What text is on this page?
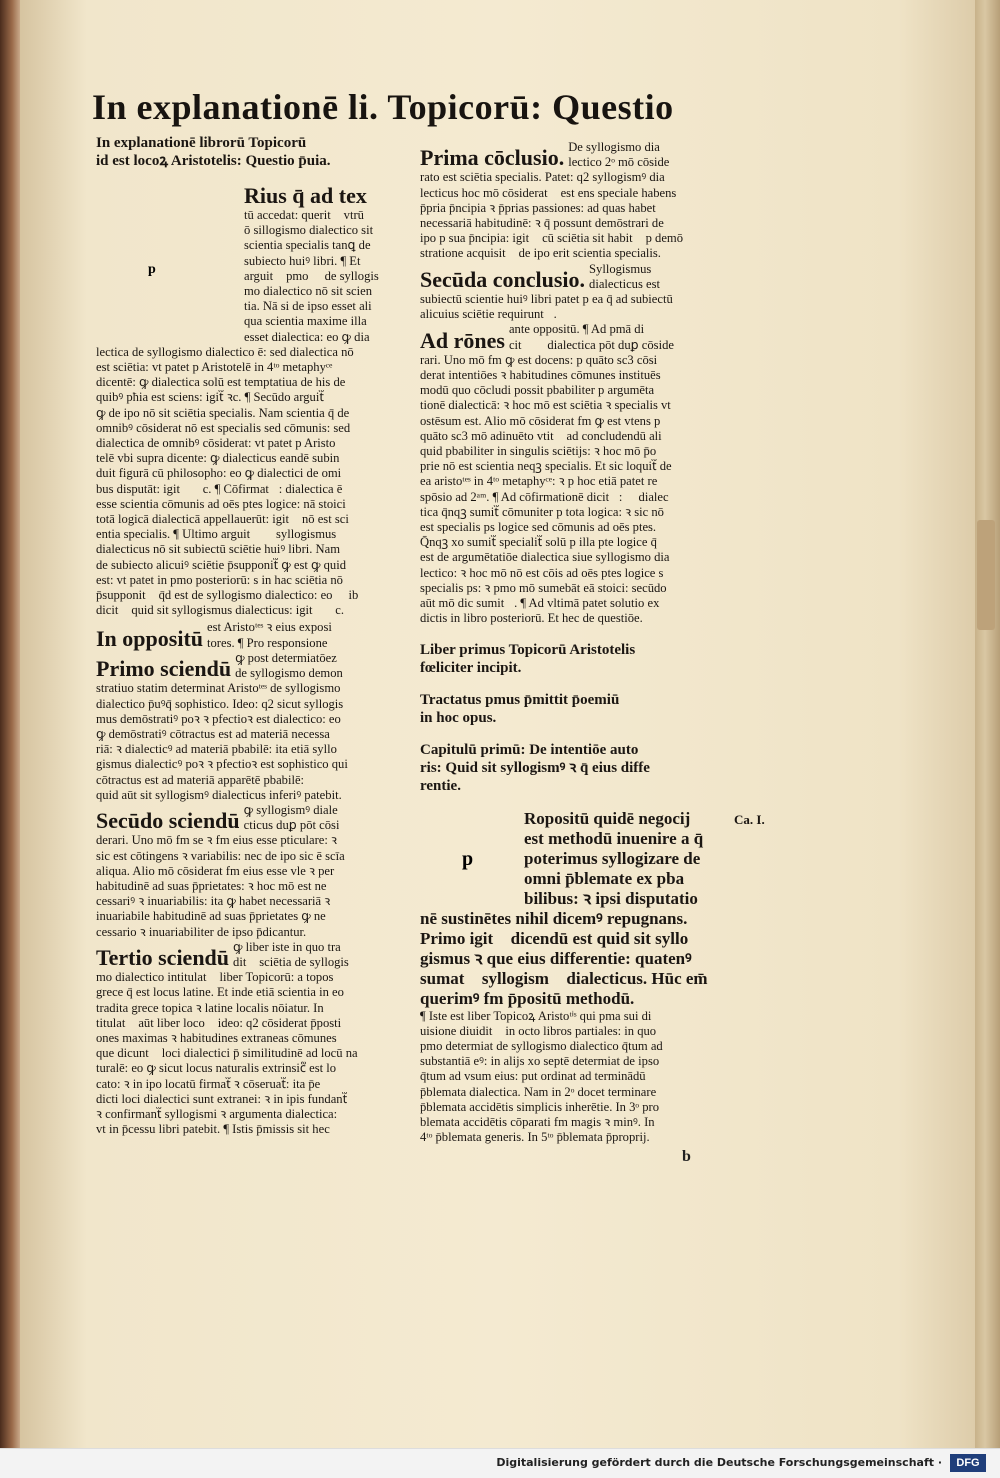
In explanationē li. Topicorū: Questio
In explanationē librorū Topicorū
id est locoꝝ Aristotelis: Questio p̄uia.
Rius q̄ ad tex
tū accedat: querit᷑ vtrū
ō sillogismo dialectico sit
scientia specialis tanꝗ de
subiecto huiꝰ libri. ¶ Et
arguit᷑ pmo ꝙ de syllogis
mo dialectico nō sit scien
tia. Nā si de ipso esset ali
qua scientia maxime illa
esset dialectica: eo ꝙ dia
lectica de syllogismo dialectico ē: sed dialectica nō
est sciētia: vt patet p Aristotelē in 4ᵗᵒ metaphyᶜᵉ
dicentē: ꝙ dialectica solū est temptatiua de his de
quibꝰ pħia est sciens: igit᷑ ꝛc. ¶ Secūdo arguit᷑
ꝙ de ipo nō sit sciētia specialis. Nam scientia q̄ de
omnibꝰ cōsiderat nō est specialis sed cōmunis: sed
dialectica de omnibꝰ cōsiderat: vt patet p Aristo
telē vbi supra dicente: ꝙ dialecticus eandē subin
duit figurā cū philosopho: eo ꝙ dialectici de omi
bus disputāt: igit᷑ ꝛc. ¶ Cōfirmat᷑: dialectica ē
esse scientia cōmunis ad oēs ptes logice: nā stoici
totā logicā dialecticā appellauerūt: igit᷑ nō est sci
entia specialis. ¶ Ultimo arguit᷑ ꝙ syllogismus
dialecticus nō sit subiectū sciētie huiꝰ libri. Nam
de subiecto alicuiꝰ sciētie p̄supponit᷑ ꝙ est ꝙ quid
est: vt patet in pmo posteriorū: s in hac sciētia nō
p̄supponit᷑ q̄d est de syllogismo dialectico: eo ꝙ ib
dicit᷑ quid sit syllogismus dialecticus: igit᷑ ꝛc.
In oppositū est Aristoᵗᵉˢ ꝛ eius exposi
tores. ¶ Pro responsione
Primo sciendū ꝙ post determiatōez
de syllogismo demon
stratiuo statim determinat Aristoᵗᵉˢ de syllogismo
dialectico p̄uꝰq̄ sophistico. Ideo: q2 sicut syllogis
mus demōstratiꝰ poꝛ ꝛ pfectioꝛ est dialectico: eo
ꝙ demōstratiꝰ cōtractus est ad materiā necessa
riā: ꝛ dialecticꝰ ad materiā pbabilē: ita etiā syllo
gismus dialecticꝰ poꝛ ꝛ pfectioꝛ est sophistico qui
cōtractus est ad materiā apparētē pbabilē:
quid aūt sit syllogismꝰ dialecticus inferiꝰ patebit.
Secūdo sciendū ꝙ syllogismꝰ diale
cticus duꝑ pōt cōsi
derari. Uno mō fm se ꝛ fm eius esse pticulare: ꝛ
sic est cōtingens ꝛ variabilis: nec de ipo sic ē scīa
aliqua. Alio mō cōsiderat fm eius esse vle ꝛ per
habitudinē ad suas p̄prietates: ꝛ hoc mō est ne
cessariꝰ ꝛ inuariabilis: ita ꝙ habet necessariā ꝛ
inuariabile habitudinē ad suas p̄prietates ꝙ ne
cessario ꝛ inuariabiliter de ipso p̄dicantur.
Tertio sciendū ꝙ liber iste in quo tra
dit᷑ sciētia de syllogis
mo dialectico intitulat᷑ liber Topicorū: a topos
grece q̄ est locus latine. Et inde etiā scientia in eo
tradita grece topica ꝛ latine localis nōiatur. In
titulat᷑ aūt liber locoꝝ ideo: q2 cōsiderat p̄posti
ones maximas ꝛ habitudines extraneas cōmunes
que dicunt᷑ loci dialectici p̄ similitudinē ad locū na
turalē: eo ꝙ sicut locus naturalis extrinsic᷑ est lo
cato: ꝛ in ipo locatū firmat᷑ ꝛ cōseruat᷑: ita p̄e
dicti loci dialectici sunt extranei: ꝛ in ipis fundant᷑
ꝛ confirmant᷑ syllogismi ꝛ argumenta dialectica:
vt in p̄cessu libri patebit. ¶ Istis p̄missis sit hec
p
Prima cōclusio. De syllogismo dia
lectico 2ᵒ mō cōside
rato est sciētia specialis. Patet: q2 syllogismꝰ dia
lecticus hoc mō cōsiderat᷑ est ens speciale habens
p̄pria p̄ncipia ꝛ p̄prias passiones: ad quas habet
necessariā habitudinē: ꝛ q̄ possunt demōstrari de
ipo p sua p̄ncipia: igit᷑ cū sciētia sit habitꝰ p demō
stratione acquisit᷑ de ipo erit scientia specialis.
Secūda conclusio. Syllogismus
dialecticus est
subiectū scientie huiꝰ libri patet p ea q̄ ad subiectū
alicuius sciētie requirunt᷑.
Ad rōnes ante oppositū. ¶ Ad pmā di
cit᷑ ꝙ dialectica pōt duꝑ cōside
rari. Uno mō fm ꝙ est docens: p quāto sc3 cōsi
derat intentiōes ꝛ habitudines cōmunes instituēs
modū quo cōcludi possit pbabiliter p argumēta
tionē dialecticā: ꝛ hoc mō est sciētia ꝛ specialis vt
ostēsum est. Alio mō cōsiderat fm ꝙ est vtens p
quāto sc3 mō adinuēto vtit᷑ ad concludendū ali
quid pbabiliter in singulis sciētijs: ꝛ hoc mō p̄o
prie nō est scientia neqꝫ specialis. Et sic loquit᷑ de
ea aristoᵗᵉˢ in 4ᵗᵒ metaphyᶜᵉ: ꝛ p hoc etiā patet re
spōsio ad 2ᵃᵐ. ¶ Ad cōfirmationē dicit᷑: ꝙ dialec
tica q̄nqꝫ sumit᷑ cōmuniter p tota logica: ꝛ sic nō
est specialis ps logice sed cōmunis ad oēs ptes.
Q̄nqꝫ xo sumit᷑ specialit᷑ solū p illa pte logice q̄
est de argumētatiōe dialectica siue syllogismo dia
lectico: ꝛ hoc mō nō est cōis ad oēs ptes logice s
specialis ps: ꝛ pmo mō sumebāt eā stoici: secūdo
aūt mō dic sumit᷑. ¶ Ad vltimā patet solutio ex
dictis in libro posteriorū. Et hec de questiōe.
Liber primus Topicorū Aristotelis
fœliciter incipit.
Tractatus pmus p̄mittit p̄oemiū
in hoc opus.
Capitulū primū: De intentiōe auto
ris: Quid sit syllogismꝰ ꝛ q̄ eius diffe
rentie.
Ropositū quidē negocij
est methodū inuenire a q̄
poterimus syllogizare de
omni p̄blemate ex pba
bilibus: ꝛ ipsi disputatio
nē sustinētes nihil dicemꝰ repugnans.
Primo igit᷑ dicendū est quid sit syllo
gismus ꝛ que eius differentie: quatenꝰ
sumat᷑ syllogismꝰ dialecticus. Hūc em̄
querimꝰ fm p̄positū methodū.
¶ Iste est liber Topicoꝝ Aristoᵗⁱˢ qui pma sui di
uisione diuidit᷑ in octo libros partiales: in quoꝝ
pmo determiat de syllogismo dialectico q̄tum ad
substantiā eꝰ: in alijs xo septē determiat de ipso
q̄tum ad vsum eius: put ordinat ad terminādū
p̄blemata dialectica. Nam in 2ᵒ docet terminare
p̄blemata accidētis simplicis inherētie. In 3ᵒ pro
blemata accidētis cōparati fm magis ꝛ minꝰ. In
4ᵗᵒ p̄blemata generis. In 5ᵗᵒ p̄blemata p̄proprij.
p
Ca. I.
b
Digitalisierung gefördert durch die Deutsche Forschungsgemeinschaft ·	DFG
